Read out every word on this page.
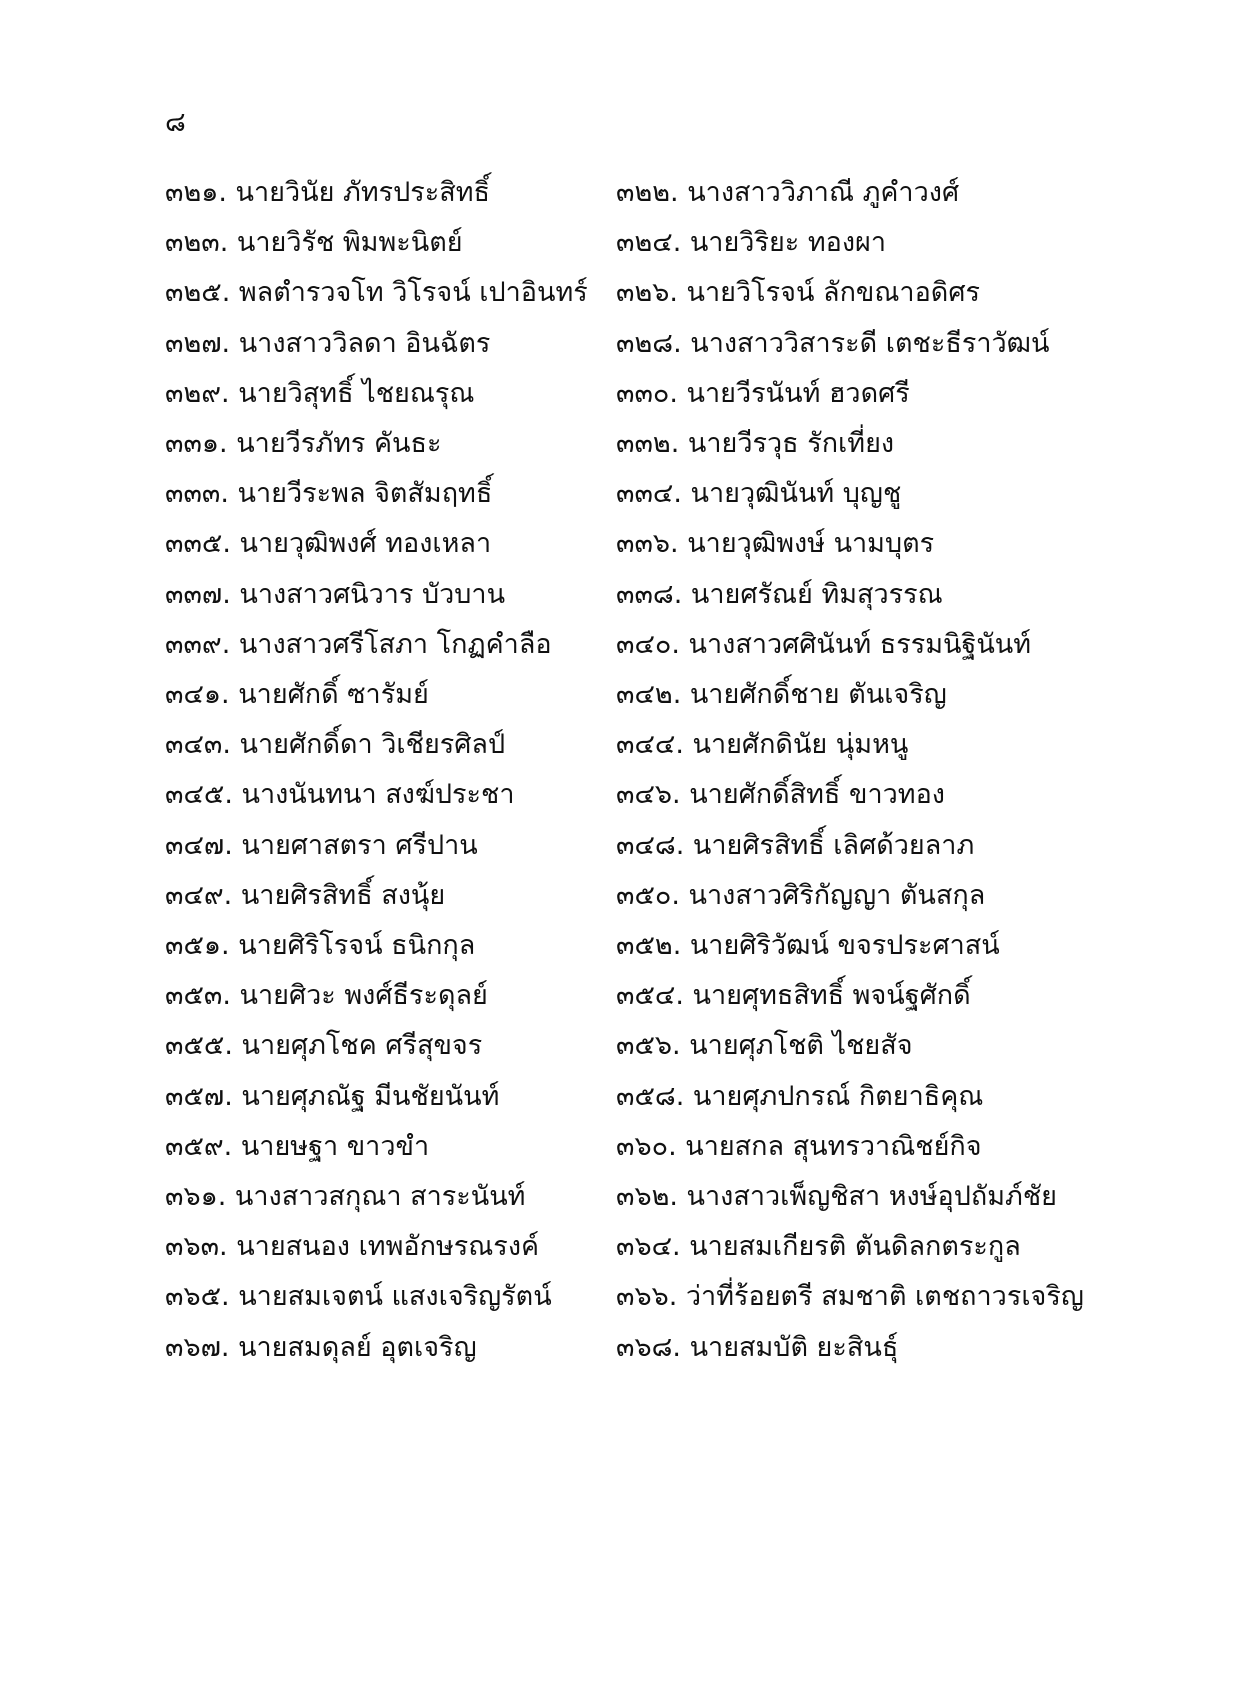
๘
๓๒๑. นายวินัย ภัทรประสิทธิ์	๓๒๒. นางสาววิภาณี ภูคำวงศ์
๓๒๓. นายวิรัช พิมพะนิตย์	๓๒๔. นายวิริยะ ทองผา
๓๒๕. พลตำรวจโท วิโรจน์ เปาอินทร์ ๓๒๖. นายวิโรจน์ ลักขณาอดิศร
๓๒๗. นางสาววิลดา อินฉัตร	๓๒๘. นางสาววิสาระดี เตชะธีราวัฒน์
๓๒๙. นายวิสุทธิ์ ไชยณรุณ	๓๓๐. นายวีรนันท์ ฮวดศรี
๓๓๑. นายวีรภัทร คันธะ	๓๓๒. นายวีรวุธ รักเที่ยง
๓๓๓. นายวีระพล จิตสัมฤทธิ์	๓๓๔. นายวุฒินันท์ บุญชู
๓๓๕. นายวุฒิพงศ์ ทองเหลา	๓๓๖. นายวุฒิพงษ์ นามบุตร
๓๓๗. นางสาวศนิวาร บัวบาน	๓๓๘. นายศรัณย์ ทิมสุวรรณ
๓๓๙. นางสาวศรีโสภา โกฏคำลือ ๓๔๐. นางสาวศศินันท์ ธรรมนิฐินันท์
๓๔๑. นายศักดิ์ ซารัมย์	๓๔๒. นายศักดิ์ชาย ตันเจริญ
๓๔๓. นายศักดิ์ดา วิเชียรศิลป์	๓๔๔. นายศักดินัย นุ่มหนู
๓๔๕. นางนันทนา สงฆ์ประชา	๓๔๖. นายศักดิ์สิทธิ์ ขาวทอง
๓๔๗. นายศาสตรา ศรีปาน	๓๔๘. นายศิรสิทธิ์ เลิศด้วยลาภ
๓๔๙. นายศิรสิทธิ์ สงนุ้ย	๓๕๐. นางสาวศิริกัญญา ตันสกุล
๓๕๑. นายศิริโรจน์ ธนิกกุล	๓๕๒. นายศิริวัฒน์ ขจรประศาสน์
๓๕๓. นายศิวะ พงศ์ธีระดุลย์	๓๕๔. นายศุทธสิทธิ์ พจน์ฐศักดิ์
๓๕๕. นายศุภโชค ศรีสุขจร	๓๕๖. นายศุภโชติ ไชยสัจ
๓๕๗. นายศุภณัฐ มีนชัยนันท์	๓๕๘. นายศุภปกรณ์ กิตยาธิคุณ
๓๕๙. นายษฐา ขาวขำ	๓๖๐. นายสกล สุนทรวาณิชย์กิจ
๓๖๑. นางสาวสกุณา สาระนันท์	๓๖๒. นางสาวเพ็ญชิสา หงษ์อุปถัมภ์ชัย
๓๖๓. นายสนอง เทพอักษรณรงค์	๓๖๔. นายสมเกียรติ ตันดิลกตระกูล
๓๖๕. นายสมเจตน์ แสงเจริญรัตน์ ๓๖๖. ว่าที่ร้อยตรี สมชาติ เตชถาวรเจริญ
๓๖๗. นายสมดุลย์ อุตเจริญ	๓๖๘. นายสมบัติ ยะสินธุ์
